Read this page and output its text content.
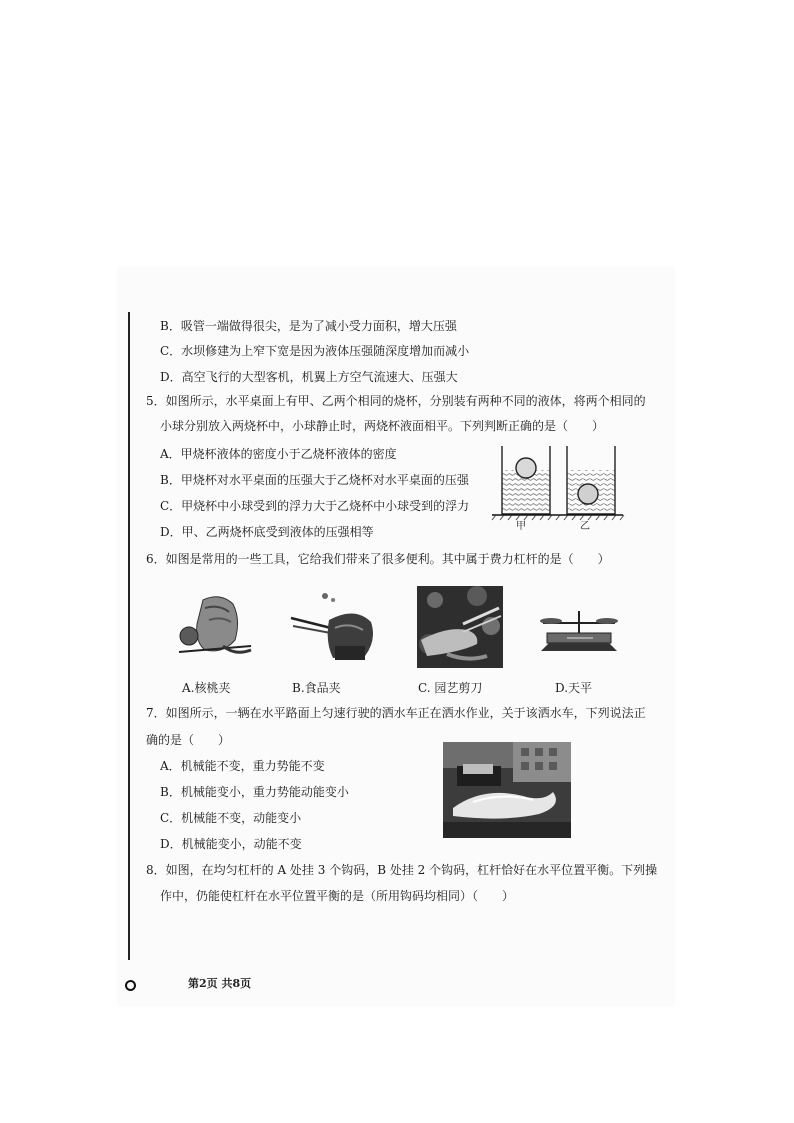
B．吸管一端做得很尖，是为了减小受力面积，增大压强
C．水坝修建为上窄下宽是因为液体压强随深度增加而减小
D．高空飞行的大型客机，机翼上方空气流速大、压强大
5．如图所示，水平桌面上有甲、乙两个相同的烧杯，分别装有两种不同的液体，将两个相同的
小球分别放入两烧杯中，小球静止时，两烧杯液面相平。下列判断正确的是（　　）
A．甲烧杯液体的密度小于乙烧杯液体的密度
B．甲烧杯对水平桌面的压强大于乙烧杯对水平桌面的压强
C．甲烧杯中小球受到的浮力大于乙烧杯中小球受到的浮力
D．甲、乙两烧杯底受到液体的压强相等	甲	乙
6．如图是常用的一些工具，它给我们带来了很多便利。其中属于费力杠杆的是（　　）
A.核桃夹	B.食品夹	C. 园艺剪刀	D.天平
7．如图所示，一辆在水平路面上匀速行驶的洒水车正在洒水作业，关于该洒水车，下列说法正
确的是（　　）
A．机械能不变，重力势能不变
B．机械能变小，重力势能动能变小
C．机械能不变，动能变小
D．机械能变小，动能不变
8．如图，在均匀杠杆的 A 处挂 3 个钩码，B 处挂 2 个钩码，杠杆恰好在水平位置平衡。下列操
作中，仍能使杠杆在水平位置平衡的是（所用钩码均相同）（　　）
第2页 共8页
